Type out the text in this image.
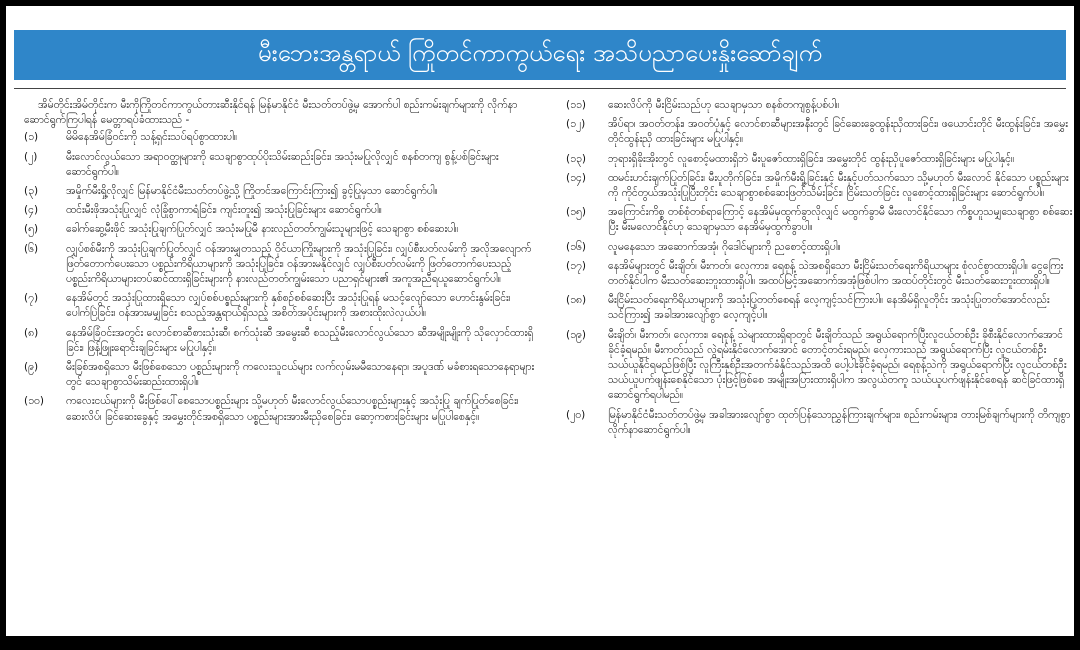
မီးဘေးအန္တရာယ် ကြိုတင်ကာကွယ်ရေး အသိပညာပေးနှိုးဆော်ချက်
အိမ်တိုင်းအိမ်တိုင်းက မီးကိုကြိုတင်ကာကွယ်တားဆီးနိုင်ရန် မြန်မာနိုင်ငံ မီးသတ်တပ်ဖွဲ့မှ အောက်ပါ စည်းကမ်းချက်များကို လိုက်နာဆောင်ရွက်ကြပါရန် မေတ္တာရပ်ခံထားသည် -
(၁)	မိမိနေအိမ်ခြံဝင်းကို သန့်ရှင်းသပ်ရပ်စွာထားပါ။
(၂)	မီးလောင်လွယ်သော အရာဝတ္ထုများကို သေချာစွာထုပ်ပိုးသိမ်းဆည်းခြင်း၊ အသုံးမပြုလိုလျှင် စနစ်တကျ စွန့်ပစ်ခြင်းများ ဆောင်ရွက်ပါ။
(၃)	အမှိုက်မီးရှို့လိုလျှင် မြန်မာနိုင်ငံမီးသတ်တပ်ဖွဲ့သို့ ကြိုတင်အကြောင်းကြား၍ ခွင့်ပြုမှသာ ဆောင်ရွက်ပါ။
(၄)	ထင်းမီးဖိုအသုံးပြုလျှင် လုံခြုံစွာကာရံခြင်း၊ ကျင်းတူး၍ အသုံးပြုခြင်းများ ဆောင်ရွက်ပါ။
(၅)	ခေါက်ဆွေ့မီးဖိုင် အသုံးပြုချက်ပြုတ်လျှင် အသုံးမပြုမီ နားလည်တတ်ကျွမ်းသူများဖြင့် သေချာစွာ စစ်ဆေးပါ။
(၆)	လျှပ်စစ်မီးကို အသုံးပြုချက်ပြုတ်လျှင် ဝန်အားမျှတသည့် ဝိုင်ယာကြိုးများကို အသုံးပြုခြင်း၊ လျှပ်စီးပတ်လမ်းကို အလိုအလျောက်ဖြတ်တောက်ပေးသော ပစ္စည်းကိရိယာများကို အသုံးပြုခြင်း၊ ဝန်အားမနိုင်လျှင် လျှပ်စီးပတ်လမ်းကို ဖြတ်တောက်ပေးသည့် ပစ္စည်းကိရိယာများတပ်ဆင်ထားရှိခြင်းများကို နားလည်တတ်ကျွမ်းသော ပညာရှင်များ၏ အကူအညီရယူဆောင်ရွက်ပါ။
(၇)	နေအိမ်တွင် အသုံးပြုထားရှိသော လျှပ်စစ်ပစ္စည်းများကို နှစ်စဉ်စစ်ဆေးပြီး အသုံးပြုရန် မသင့်လျော်သော ဟောင်းနွမ်းခြင်း၊ ပေါက်ပြဲခြင်း၊ ဝန်အားမမျှခြင်း စသည့်အန္တရာယ်ရှိသည့် အစိတ်အပိုင်းများကို အစားထိုးလဲလှယ်ပါ။
(၈)	နေအိမ်ခြံဝင်းအတွင်း လောင်စာဆီစားသုံးဆီ၊ စက်သုံးဆီ အမွေးဆီ စသည့်မီးလောင်လွယ်သော ဆီအမျိုးမျိုးကို သိုလှောင်ထားရှိခြင်း၊ ဖြန့်ဖြူးရောင်းချခြင်းများ မပြုပါနှင့်။
(၉)	မီးခြစ်အစရှိသော မီးဖြစ်စေသော ပစ္စည်းများကို ကလေးသူငယ်များ လက်လှမ်းမမီသောနေရာ၊ အပူဒဏ် မခံစားရသောနေရာများတွင် သေချာစွာသိမ်းဆည်းထားရှိပါ။
(၁၀)	ကလေးငယ်များကို မီးဖြစ်ပေါ်စေသောပစ္စည်းများ သို့မဟုတ် မီးလောင်လွယ်သောပစ္စည်းများနှင့် အသုံးပြု ချက်ပြုတ်စေခြင်း၊ ဆေးလိပ်၊ ခြင်ဆေးခွေနှင့် အမွှေးတိုင်အစရှိသော ပစ္စည်းများအားမီးညှိစေခြင်း၊ ဆော့ကစားခြင်းများ မပြုပါစေနှင့်။
(၁၁)	ဆေးလိပ်ကို မီးငြိမ်းသည်ဟု သေချာမှသာ စနစ်တကျစွန့်ပစ်ပါ။
(၁၂)	အိပ်ရာ၊ အဝတ်တန်း၊ အဝတ်ပုံနှင့် လောင်စာဆီများအနီးတွင် ခြင်ဆေးခွေထွန်းညှိထားခြင်း၊ ဖယောင်းတိုင် မီးထွန်းခြင်း၊ အမွှေးတိုင်ထွန်းညှိ ထားခြင်းများ မပြုပါနှင့်။
(၁၃)	ဘုရားရှိခိုးအိုးတွင် လူစောင့်မထားရှိဘဲ မီးပူဇော်ထားရှိခြင်း၊ အမွှေးတိုင် ထွန်းညှိပူဇော်ထားရှိခြင်းများ မပြုပါနှင့်။
(၁၄)	ထမင်းဟင်းချက်ပြုတ်ခြင်း၊ မီးပူတိုက်ခြင်း၊ အမှိုက်မီးရှို့ခြင်းနှင့် မီးနှင့်ပတ်သက်သော သို့မဟုတ် မီးလောင် နိုင်သော ပစ္စည်းများကို ကိုင်တွယ်အသုံးပြုပြီးတိုင်း သေချာစွာစစ်ဆေးဖြတ်သိမ်းခြင်း၊ ငြိမ်းသတ်ခြင်း လူစောင့်ထားရှိခြင်းများ ဆောင်ရွက်ပါ။
(၁၅)	အကြောင်းကိစ္စ တစ်စုံတစ်ရာကြောင့် နေအိမ်မှထွက်ခွာလိုလျှင် မထွက်ခွာမီ မီးလောင်နိုင်သော ကိစ္စဟူသမျှသေချာစွာ စစ်ဆေးပြီး မီးမလောင်နိုင်ဟု သေချာမှသာ နေအိမ်မှထွက်ခွာပါ။
(၁၆)	လူမနေသော အဆောက်အအုံ၊ ဂိုဒေါင်များကို ညစောင့်ထားရှိပါ။
(၁၇)	နေအိမ်များတွင် မီးချိတ်၊ မီးကတ်၊ လှေကား၊ ရေစုန့် သဲအစရှိသော မီးငြိမ်းသတ်ရေးကိရိယာများ စုံလင်စွာထားရှိပါ။ ငွေကြေးတတ်နိုင်ပါက မီးသတ်ဆေးဘူးထားရှိပါ။ အထပ်မြင့်အဆောက်အအုံဖြစ်ပါက အထပ်တိုင်းတွင် မီးသတ်ဆေးဘူးထားရှိပါ။
(၁၈)	မီးငြိမ်းသတ်ရေးကိရိယာများကို အသုံးပြုတတ်စေရန် လေ့ကျင့်သင်ကြားပါ။ နေအိမ်ရှိလူတိုင်း အသုံးပြုတတ်အောင်လည်း သင်ကြား၍ အခါအားလျော်စွာ လေ့ကျင့်ပါ။
(၁၉)	မီးချိတ်၊ မီးကတ်၊ လှေကား၊ ရေစုန့် သဲများထားရှိရာတွင် မီးချိတ်သည် အရွယ်ရောက်ပြီးလူငယ်တစ်ဦး ခိုစီးနိုင်လောက်အောင် ခိုင်ခံ့ရမည်။ မီးကတ်သည် လွဲရမ်းနိုင်လောက်အောင် တောင့်တင်းရမည်၊ လှေကားသည် အရွယ်ရောက်ပြီး လူငယ်တစ်ဦး သယ်ယူနိုင်ရမည်ဖြစ်ပြီး လူကြီးနှစ်ဦးအတက်ခံနိုင်သည်အထိ ပေါ့ပါးခိုင်ခံ့ရမည်၊ ရေစုန့်သဲကို အရွယ်ရောက်ပြီး လူငယ်တစ်ဦး သယ်ယူပက်ဖျန်းစေနိုင်သော ပုံးဖြင့်ဖြစ်စေ အမျိုးအပြားထားရှိပါက အလွယ်တကူ သယ်ယူပက်ဖျန်းနိုင်စေရန် ဆင်ခြင်ထားရှိ ဆောင်ရွက်ရပါမည်။
(၂၀)	မြန်မာနိုင်ငံမီးသတ်တပ်ဖွဲ့မှ အခါအားလျော်စွာ ထုတ်ပြန်သောညွှန်ကြားချက်များ၊ စည်းကမ်းများ၊ တားမြစ်ချက်များကို တိကျစွာလိုက်နာဆောင်ရွက်ပါ။
